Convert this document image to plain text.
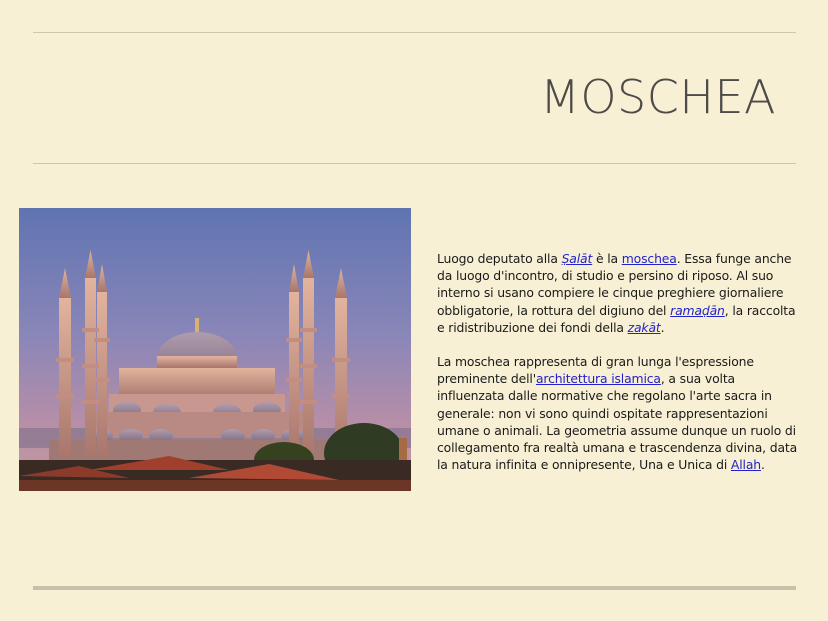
MOSCHEA

Luogo deputato alla Ṣalāt è la moschea. Essa funge anche da luogo d'incontro, di studio e persino di riposo. Al suo interno si usano compiere le cinque preghiere giornaliere obbligatorie, la rottura del digiuno del ramaḍān, la raccolta e ridistribuzione dei fondi della zakāt.

La moschea rappresenta di gran lunga l'espressione preminente dell'architettura islamica, a sua volta influenzata dalle normative che regolano l'arte sacra in generale: non vi sono quindi ospitate rappresentazioni umane o animali. La geometria assume dunque un ruolo di collegamento fra realtà umana e trascendenza divina, data la natura infinita e onnipresente, Una e Unica di Allah.
